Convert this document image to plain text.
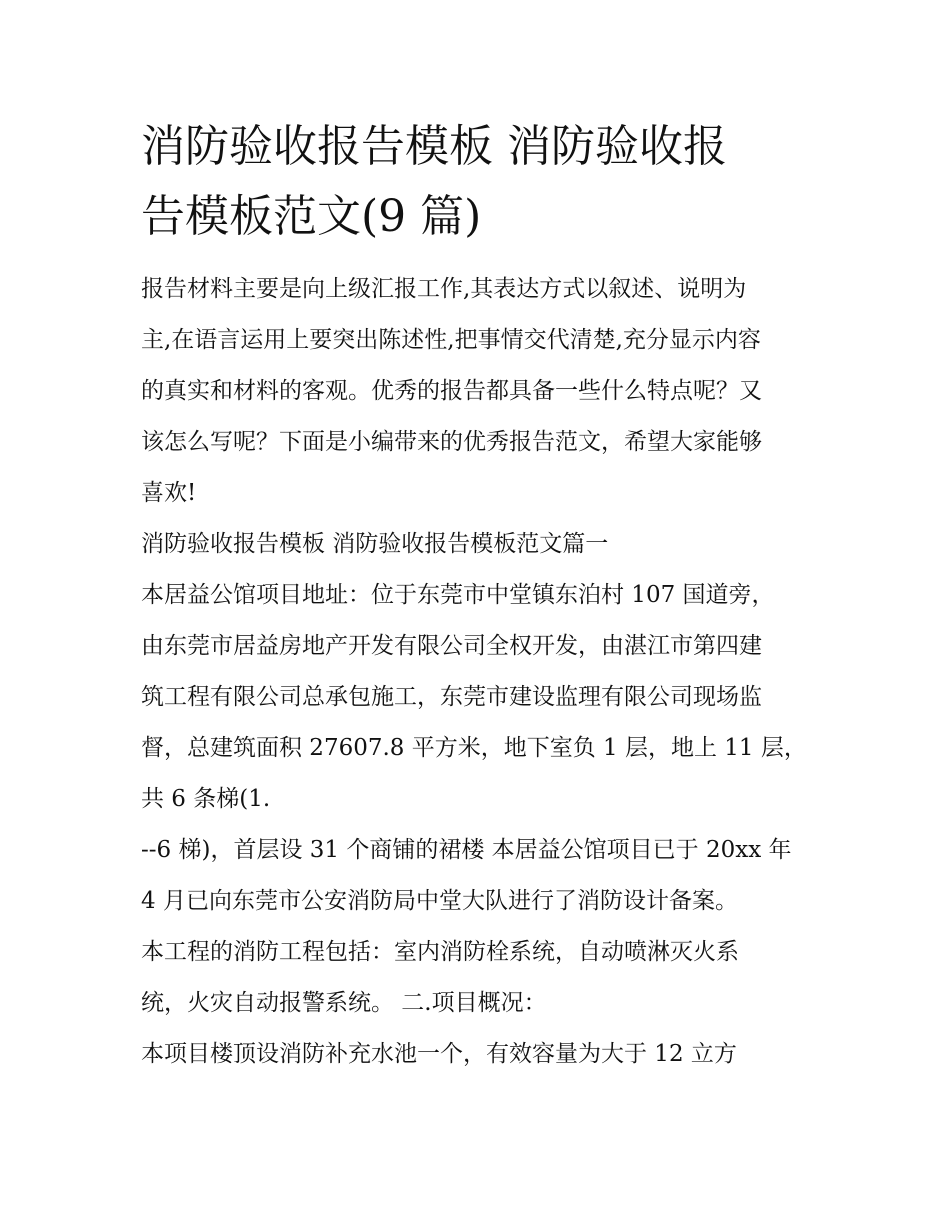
消防验收报告模板 消防验收报
告模板范文(9 篇)

报告材料主要是向上级汇报工作,其表达方式以叙述、说明为

主,在语言运用上要突出陈述性,把事情交代清楚,充分显示内容

的真实和材料的客观。优秀的报告都具备一些什么特点呢？又

该怎么写呢？下面是小编带来的优秀报告范文，希望大家能够

喜欢!

消防验收报告模板 消防验收报告模板范文篇一

本居益公馆项目地址：位于东莞市中堂镇东泊村 107 国道旁，

由东莞市居益房地产开发有限公司全权开发，由湛江市第四建

筑工程有限公司总承包施工，东莞市建设监理有限公司现场监

督，总建筑面积 27607.8 平方米，地下室负 1 层，地上 11 层，

共 6 条梯(1.

--6 梯)，首层设 31 个商铺的裙楼 本居益公馆项目已于 20xx 年

4 月已向东莞市公安消防局中堂大队进行了消防设计备案。

本工程的消防工程包括：室内消防栓系统，自动喷淋灭火系

统，火灾自动报警系统。 二.项目概况：

本项目楼顶设消防补充水池一个，有效容量为大于 12 立方
